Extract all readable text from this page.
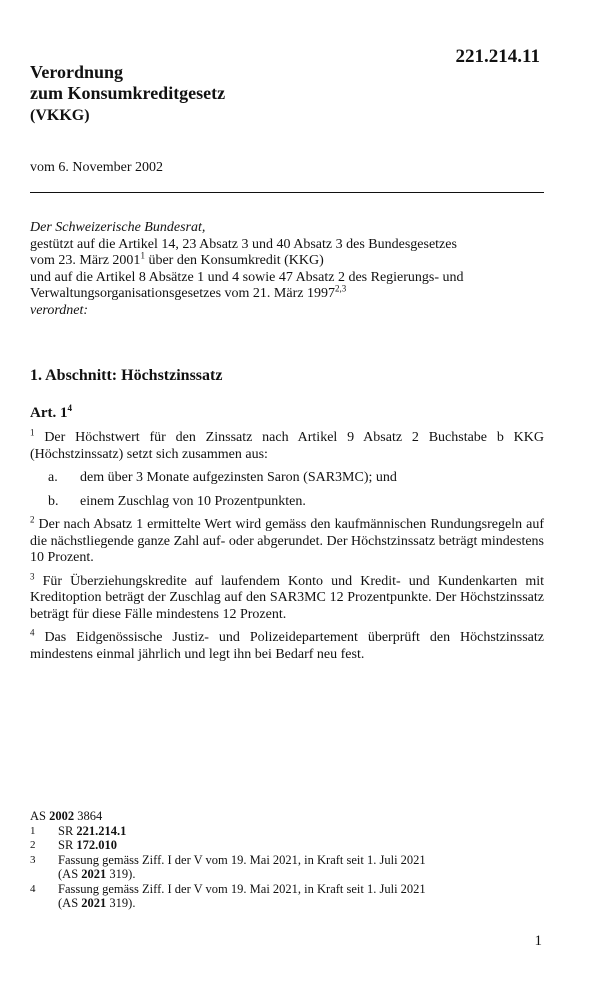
221.214.11
Verordnung
zum Konsumkreditgesetz
(VKKG)
vom 6. November 2002

Der Schweizerische Bundesrat,

gestützt auf die Artikel 14, 23 Absatz 3 und 40 Absatz 3 des Bundesgesetzes

vom 23. März 2001$^1$ über den Konsumkredit (KKG)

und auf die Artikel 8 Absätze 1 und 4 sowie 47 Absatz 2 des Regierungs- und

Verwaltungsorganisationsgesetzes vom 21. März 1997$^{2,3}$

verordnet:

1. Abschnitt: Höchstzinssatz
Art. $1^4$

$^1$ Der Höchstwert für den Zinssatz nach Artikel 9 Absatz 2 Buchstabe b KKG (Höchstzinssatz) setzt sich zusammen aus:

a.	dem über 3 Monate aufgezinsten Saron (SAR3MC); und
b.	einem Zuschlag von 10 Prozentpunkten.

$^2$ Der nach Absatz 1 ermittelte Wert wird gemäss den kaufmännischen Rundungsregeln auf die nächstliegende ganze Zahl auf- oder abgerundet. Der Höchstzinssatz beträgt mindestens 10 Prozent.

$^3$ Für Überziehungskredite auf laufendem Konto und Kredit- und Kundenkarten mit Kreditoption beträgt der Zuschlag auf den SAR3MC 12 Prozentpunkte. Der Höchstzinssatz beträgt für diese Fälle mindestens 12 Prozent.

$^4$ Das Eidgenössische Justiz- und Polizeidepartement überprüft den Höchstzinssatz mindestens einmal jährlich und legt ihn bei Bedarf neu fest.

AS 2002 3864
1	SR 221.214.1
2	SR 172.010
3	Fassung gemäss Ziff. I der V vom 19. Mai 2021, in Kraft seit 1. Juli 2021
(AS 2021 319).
4	Fassung gemäss Ziff. I der V vom 19. Mai 2021, in Kraft seit 1. Juli 2021
(AS 2021 319).
1
